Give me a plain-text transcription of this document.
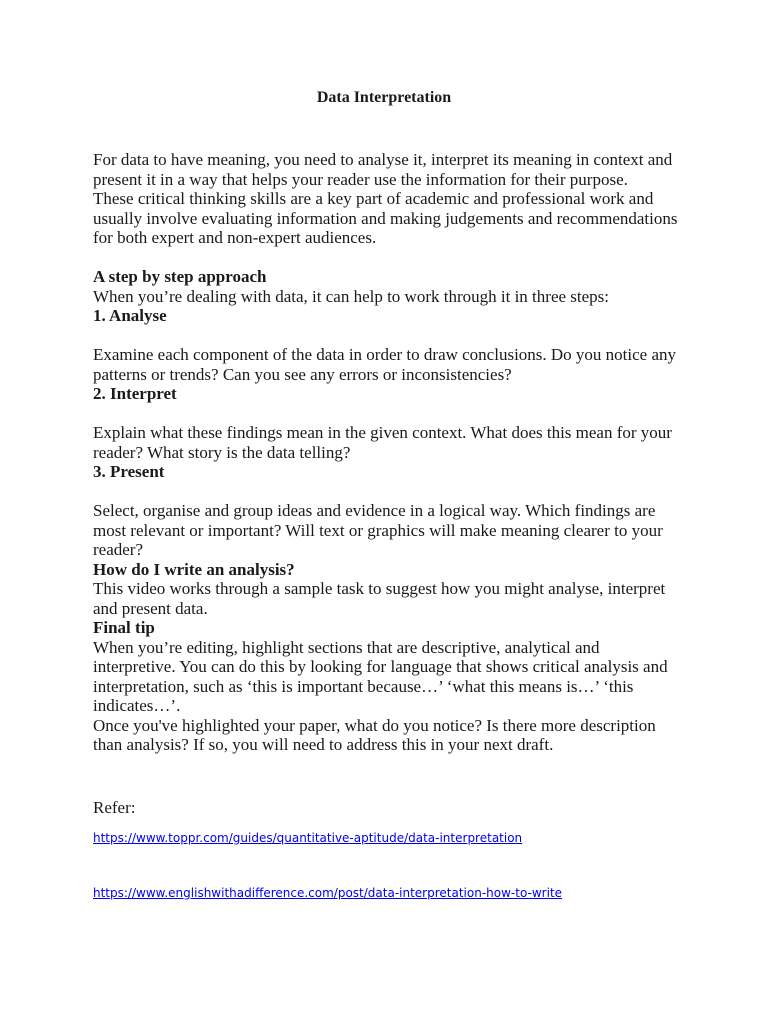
Data Interpretation

For data to have meaning, you need to analyse it, interpret its meaning in context and present it in a way that helps your reader use the information for their purpose.

These critical thinking skills are a key part of academic and professional work and usually involve evaluating information and making judgements and recommendations for both expert and non-expert audiences.

A step by step approach

When you’re dealing with data, it can help to work through it in three steps:

1. Analyse

Examine each component of the data in order to draw conclusions. Do you notice any patterns or trends? Can you see any errors or inconsistencies?

2. Interpret

Explain what these findings mean in the given context. What does this mean for your reader? What story is the data telling?

3. Present

Select, organise and group ideas and evidence in a logical way. Which findings are most relevant or important? Will text or graphics will make meaning clearer to your reader?

How do I write an analysis?

This video works through a sample task to suggest how you might analyse, interpret and present data.

Final tip

When you’re editing, highlight sections that are descriptive, analytical and interpretive. You can do this by looking for language that shows critical analysis and interpretation, such as ‘this is important because…’ ‘what this means is…’ ‘this indicates…’.

Once you've highlighted your paper, what do you notice? Is there more description than analysis? If so, you will need to address this in your next draft.

Refer:
https://www.toppr.com/guides/quantitative-aptitude/data-interpretation
https://www.englishwithadifference.com/post/data-interpretation-how-to-write
